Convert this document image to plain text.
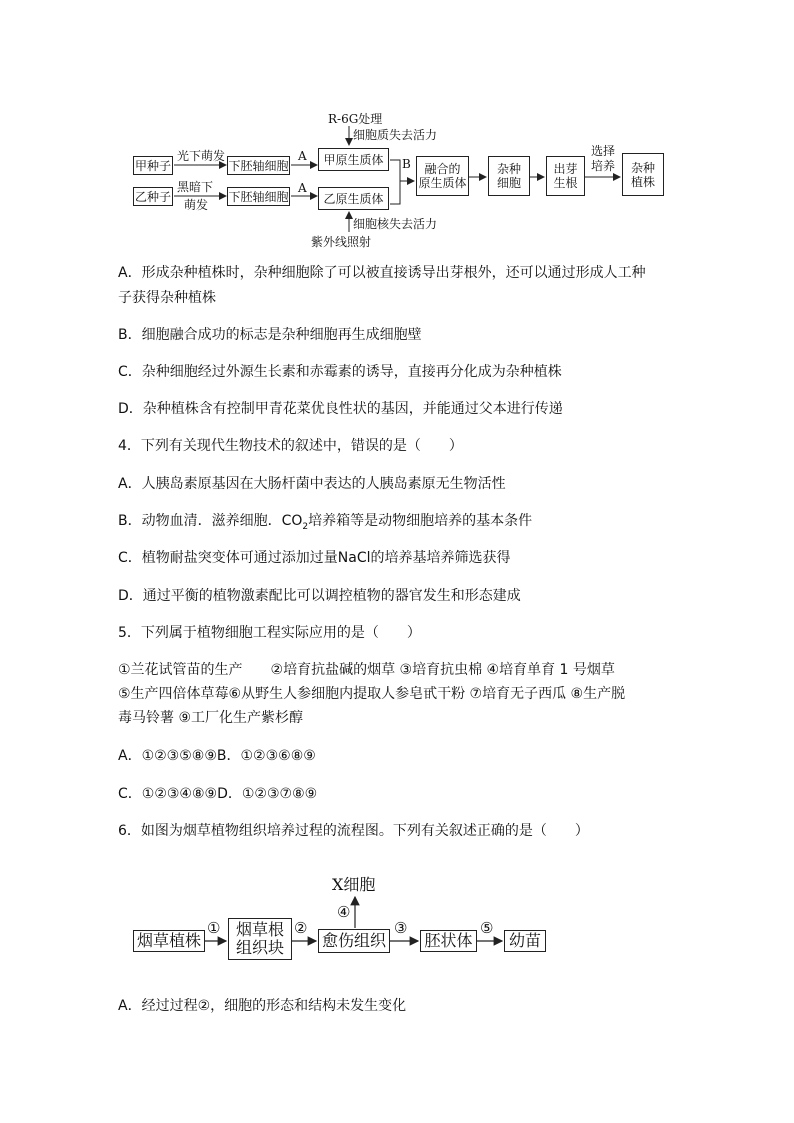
甲种子
乙种子
光下萌发
黑暗下
萌发
下胚轴细胞
下胚轴细胞
A
A
R-6G处理
细胞质失去活力
甲原生质体
乙原生质体
细胞核失去活力
紫外线照射
B 融合的
原生质体
杂种
细胞
出芽
生根
选择
培养 杂种
植株
A．形成杂种植株时，杂种细胞除了可以被直接诱导出芽根外，还可以通过形成人工种
子获得杂种植株
B．细胞融合成功的标志是杂种细胞再生成细胞壁
C．杂种细胞经过外源生长素和赤霉素的诱导，直接再分化成为杂种植株
D．杂种植株含有控制甲青花菜优良性状的基因，并能通过父本进行传递
4．下列有关现代生物技术的叙述中，错误的是（　　）
A．人胰岛素原基因在大肠杆菌中表达的人胰岛素原无生物活性
B．动物血清．滋养细胞．$CO_2$培养箱等是动物细胞培养的基本条件
C．植物耐盐突变体可通过添加过量NaCl的培养基培养筛选获得
D．通过平衡的植物激素配比可以调控植物的器官发生和形态建成
5．下列属于植物细胞工程实际应用的是（　　）
①兰花试管苗的生产　　②培育抗盐碱的烟草 ③培育抗虫棉 ④培育单育 1 号烟草
⑤生产四倍体草莓⑥从野生人参细胞内提取人参皂甙干粉 ⑦培育无子西瓜 ⑧生产脱
毒马铃薯 ⑨工厂化生产紫杉醇
A．①②③⑤⑧⑨B．①②③⑥⑧⑨
C．①②③④⑧⑨D．①②③⑦⑧⑨
6．如图为烟草植物组织培养过程的流程图。下列有关叙述正确的是（　　）
烟草植株
烟草根
组织块 愈伤组织 胚状体 幼苗
X细胞
①	②
④
③	⑤
A．经过过程②，细胞的形态和结构未发生变化
